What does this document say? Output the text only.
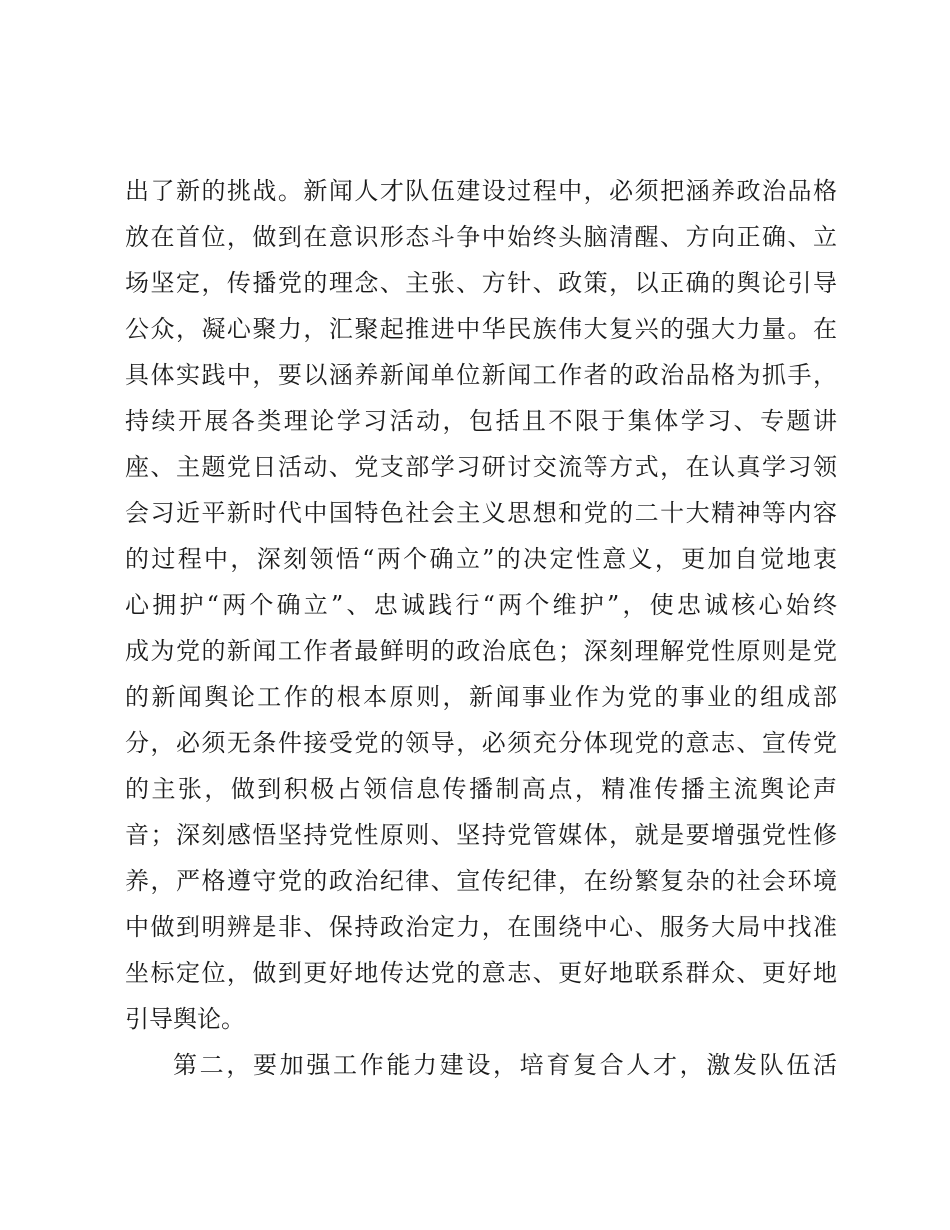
出了新的挑战。新闻人才队伍建设过程中，必须把涵养政治品格
放在首位，做到在意识形态斗争中始终头脑清醒、方向正确、立
场坚定，传播党的理念、主张、方针、政策，以正确的舆论引导
公众，凝心聚力，汇聚起推进中华民族伟大复兴的强大力量。在
具体实践中，要以涵养新闻单位新闻工作者的政治品格为抓手，
持续开展各类理论学习活动，包括且不限于集体学习、专题讲
座、主题党日活动、党支部学习研讨交流等方式，在认真学习领
会习近平新时代中国特色社会主义思想和党的二十大精神等内容
的过程中，深刻领悟“两个确立”的决定性意义，更加自觉地衷
心拥护“两个确立”、忠诚践行“两个维护”，使忠诚核心始终
成为党的新闻工作者最鲜明的政治底色；深刻理解党性原则是党
的新闻舆论工作的根本原则，新闻事业作为党的事业的组成部
分，必须无条件接受党的领导，必须充分体现党的意志、宣传党
的主张，做到积极占领信息传播制高点，精准传播主流舆论声
音；深刻感悟坚持党性原则、坚持党管媒体，就是要增强党性修
养，严格遵守党的政治纪律、宣传纪律，在纷繁复杂的社会环境
中做到明辨是非、保持政治定力，在围绕中心、服务大局中找准
坐标定位，做到更好地传达党的意志、更好地联系群众、更好地
引导舆论。
第二，要加强工作能力建设，培育复合人才，激发队伍活
